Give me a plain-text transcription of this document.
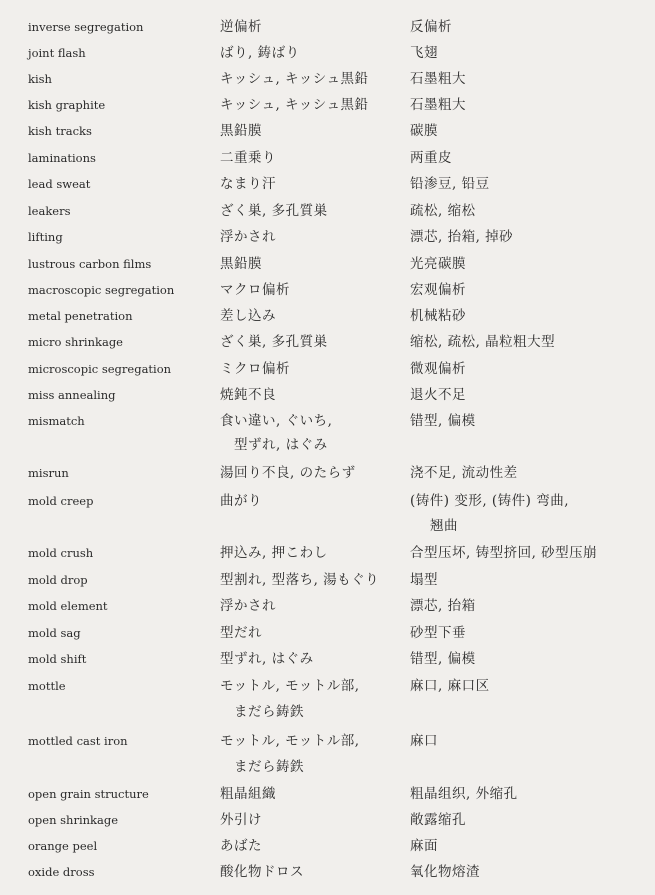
inverse segregation	逆偏析	反偏析
joint flash	ばり, 鋳ばり	飞翅
kish	キッシュ, キッシュ黒鉛	石墨粗大
kish graphite	キッシュ, キッシュ黒鉛	石墨粗大
kish tracks	黒鉛膜	碳膜
laminations	二重乗り	两重皮
lead sweat	なまり汗	铅渗豆, 铅豆
leakers	ざく巣, 多孔質巣	疏松, 缩松
lifting	浮かされ	漂芯, 抬箱, 掉砂
lustrous carbon films	黒鉛膜	光亮碳膜
macroscopic segregation	マクロ偏析	宏观偏析
metal penetration	差し込み	机械粘砂
micro shrinkage	ざく巣, 多孔質巣	缩松, 疏松, 晶粒粗大型
microscopic segregation	ミクロ偏析	微观偏析
miss annealing	焼鈍不良	退火不足
mismatch	食い違い, ぐいち,	错型, 偏模
型ずれ, はぐみ
misrun	湯回り不良, のたらず	浇不足, 流动性差
mold creep	曲がり	(铸件) 变形, (铸件) 弯曲,
翘曲
mold crush	押込み, 押こわし	合型压坏, 铸型挤回, 砂型压崩
mold drop	型割れ, 型落ち, 湯もぐり 塌型
mold element	浮かされ	漂芯, 抬箱
mold sag	型だれ	砂型下垂
mold shift	型ずれ, はぐみ	错型, 偏模
mottle	モットル, モットル部,	麻口, 麻口区
まだら鋳鉄
mottled cast iron	モットル, モットル部,	麻口
まだら鋳鉄
open grain structure	粗晶組織	粗晶组织, 外缩孔
open shrinkage	外引け	敞露缩孔
orange peel	あばた	麻面
oxide dross	酸化物ドロス	氧化物熔渣
